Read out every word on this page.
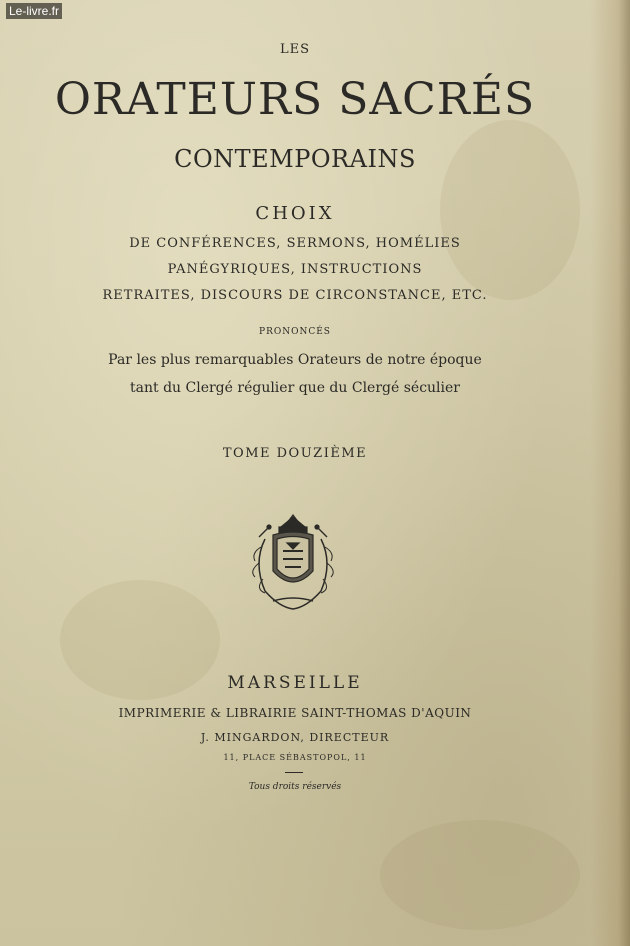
Le-livre.fr
LES
ORATEURS SACRÉS
CONTEMPORAINS
CHOIX
DE CONFÉRENCES, SERMONS, HOMÉLIES
PANÉGYRIQUES, INSTRUCTIONS
RETRAITES, DISCOURS DE CIRCONSTANCE, ETC.
PRONONCÉS
Par les plus remarquables Orateurs de notre époque
tant du Clergé régulier que du Clergé séculier
TOME DOUZIÈME
MARSEILLE
IMPRIMERIE & LIBRAIRIE SAINT-THOMAS D'AQUIN
J. MINGARDON, DIRECTEUR
11, PLACE SÉBASTOPOL, 11
Tous droits réservés
